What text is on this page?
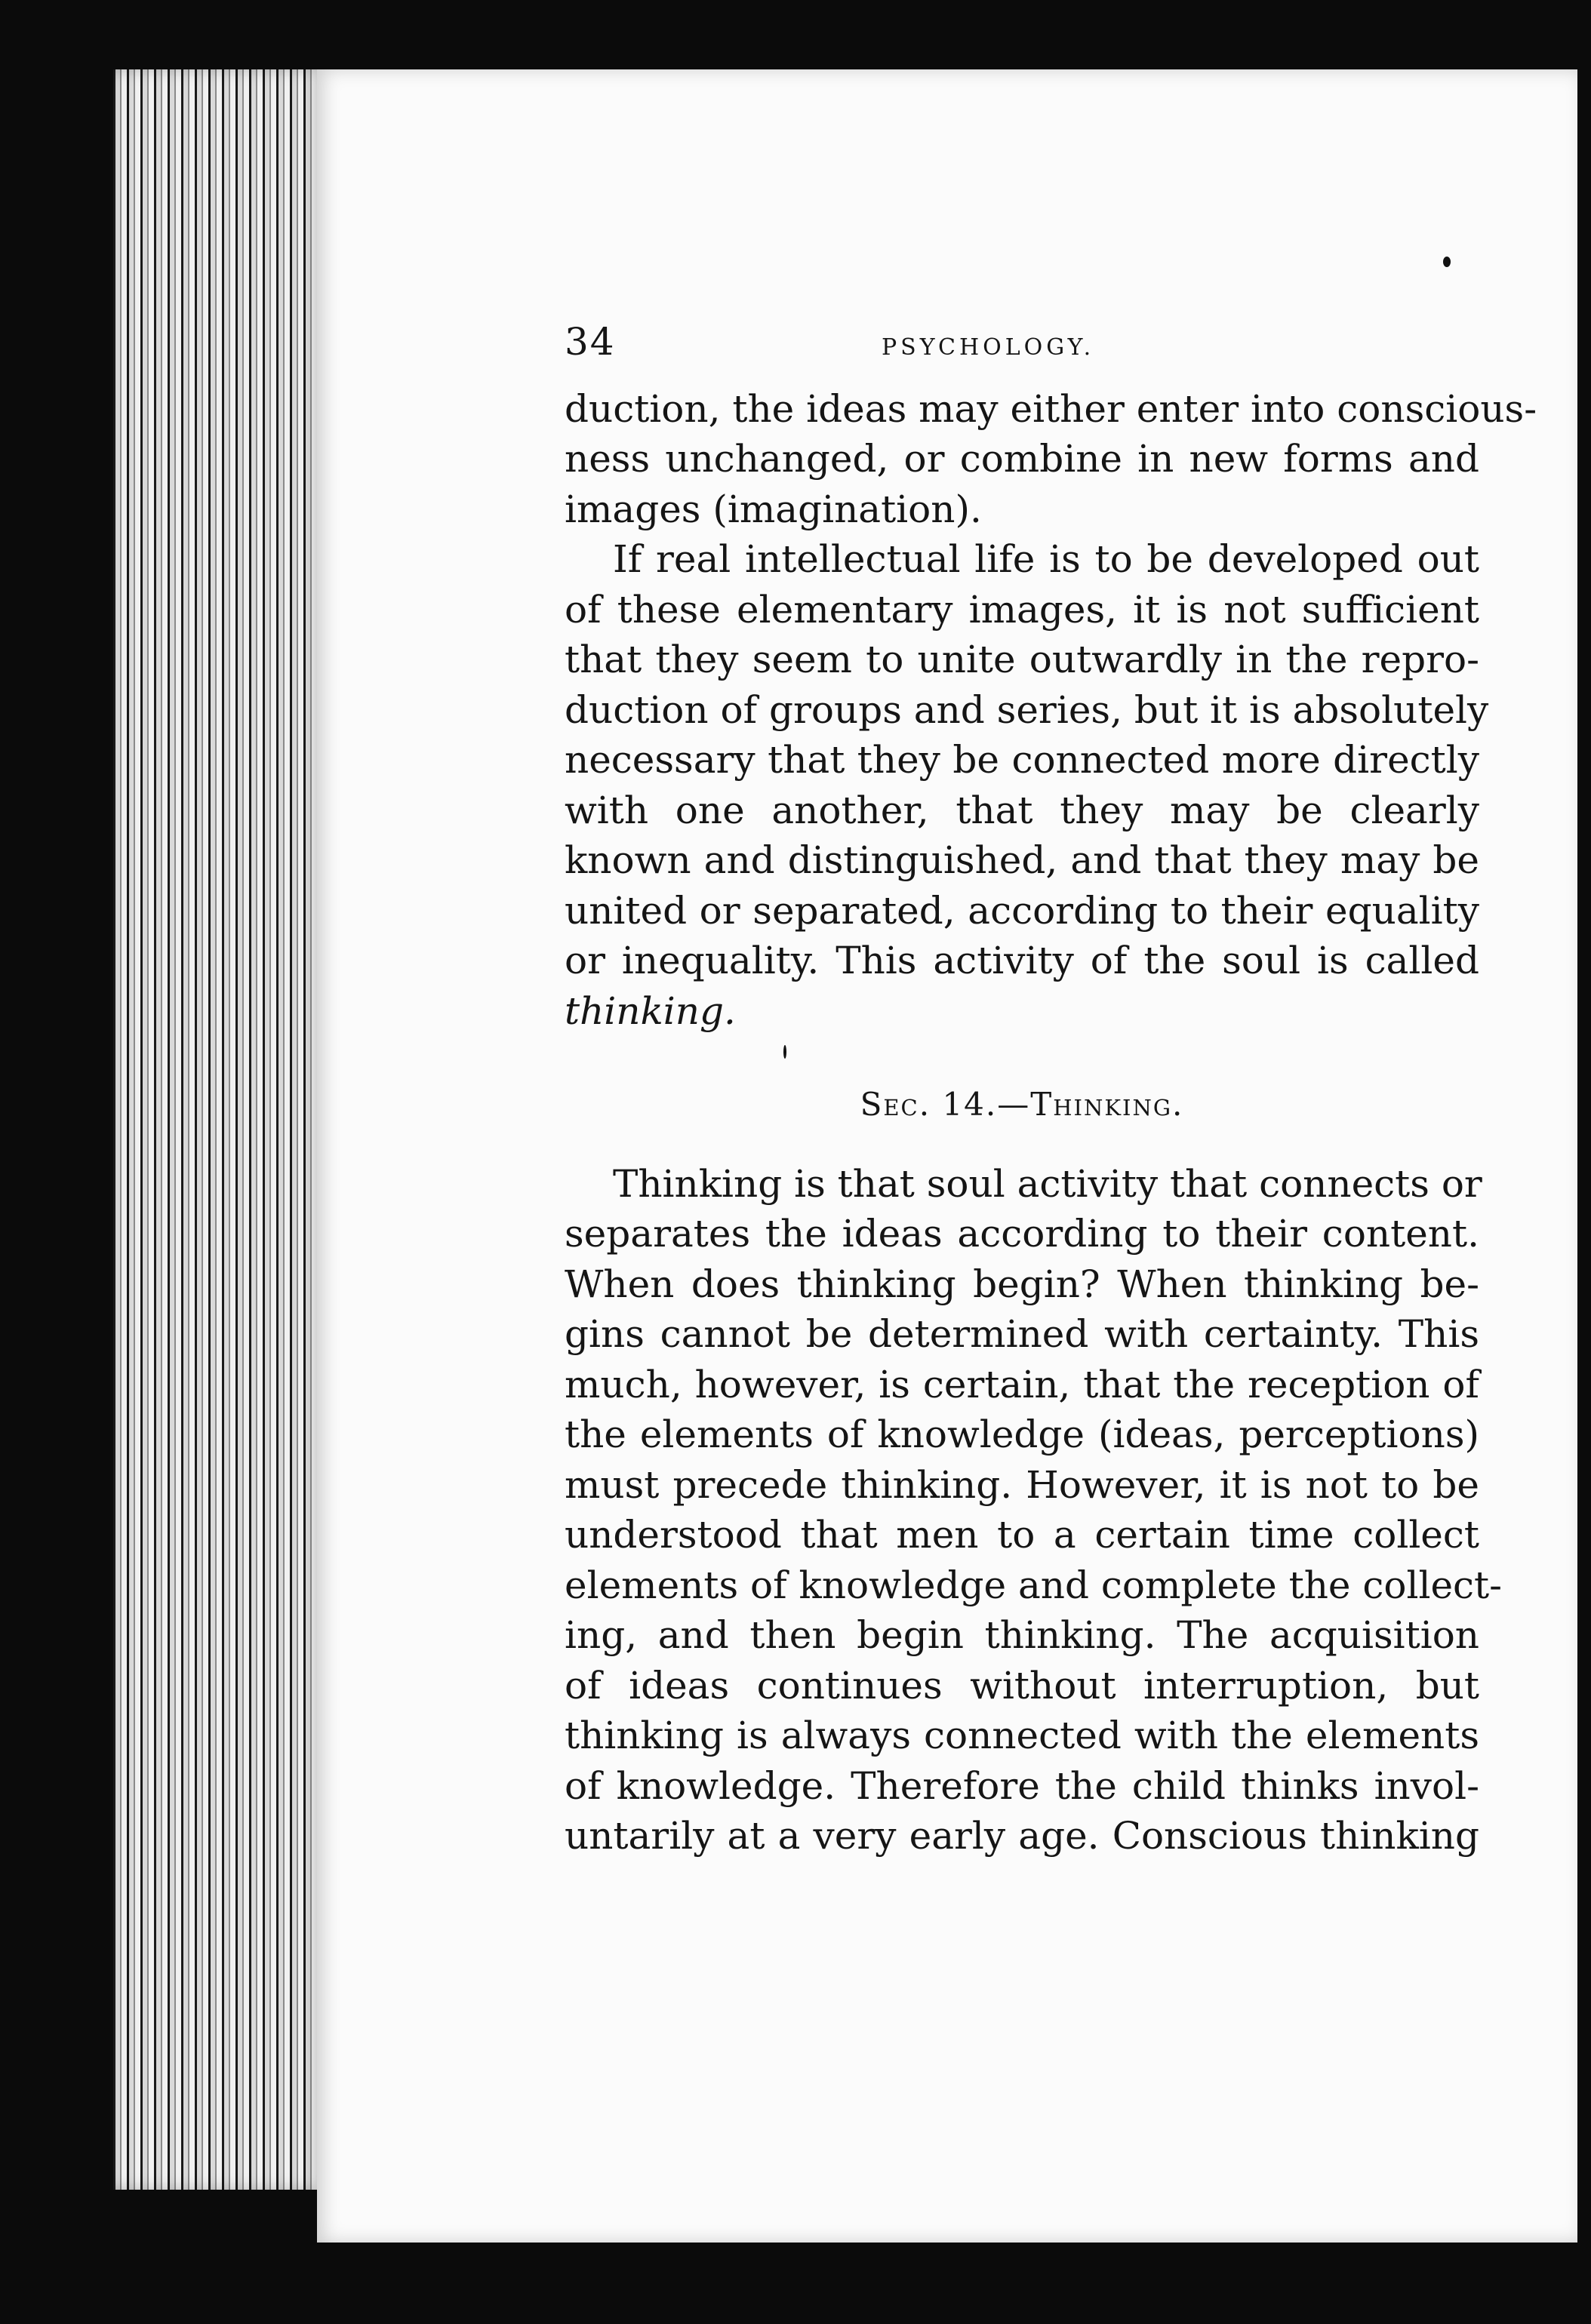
34	PSYCHOLOGY.

duction, the ideas may either enter into conscious-
ness unchanged, or combine in new forms and
images (imagination).

If real intellectual life is to be developed out
of these elementary images, it is not sufficient
that they seem to unite outwardly in the repro-
duction of groups and series, but it is absolutely
necessary that they be connected more directly
with one another, that they may be clearly
known and distinguished, and that they may be
united or separated, according to their equality
or inequality. This activity of the soul is called
thinking.

Sec. 14.—Thinking.

Thinking is that soul activity that connects or
separates the ideas according to their content.
When does thinking begin? When thinking be-
gins cannot be determined with certainty. This
much, however, is certain, that the reception of
the elements of knowledge (ideas, perceptions)
must precede thinking. However, it is not to be
understood that men to a certain time collect
elements of knowledge and complete the collect-
ing, and then begin thinking. The acquisition
of ideas continues without interruption, but
thinking is always connected with the elements
of knowledge. Therefore the child thinks invol-
untarily at a very early age. Conscious thinking
